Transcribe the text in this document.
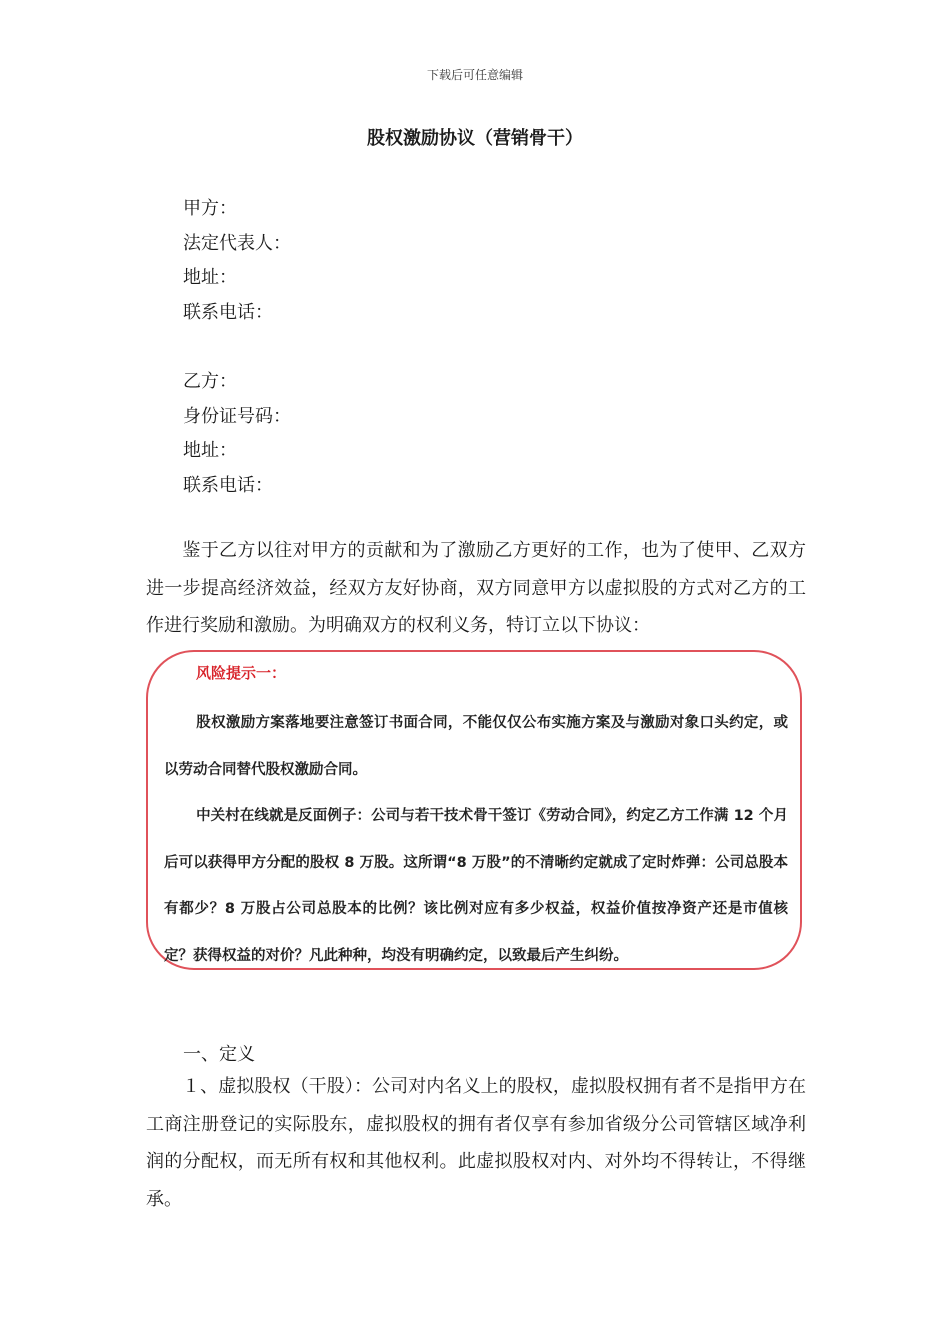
下载后可任意编辑
股权激励协议（营销骨干）
甲方：
法定代表人：
地址：
联系电话：
乙方：
身份证号码：
地址：
联系电话：
鉴于乙方以往对甲方的贡献和为了激励乙方更好的工作，也为了使甲、乙双方进一步提高经济效益，经双方友好协商，双方同意甲方以虚拟股的方式对乙方的工作进行奖励和激励。为明确双方的权利义务，特订立以下协议：
风险提示一：
股权激励方案落地要注意签订书面合同，不能仅仅公布实施方案及与激励对象口头约定，或以劳动合同替代股权激励合同。
中关村在线就是反面例子：公司与若干技术骨干签订《劳动合同》，约定乙方工作满 12 个月后可以获得甲方分配的股权 8 万股。这所谓“8 万股”的不清晰约定就成了定时炸弹：公司总股本有都少？8 万股占公司总股本的比例？该比例对应有多少权益，权益价值按净资产还是市值核定？获得权益的对价？凡此种种，均没有明确约定，以致最后产生纠纷。
一、定义
１、虚拟股权（干股）：公司对内名义上的股权，虚拟股权拥有者不是指甲方在工商注册登记的实际股东，虚拟股权的拥有者仅享有参加省级分公司管辖区域净利润的分配权，而无所有权和其他权利。此虚拟股权对内、对外均不得转让，不得继承。
